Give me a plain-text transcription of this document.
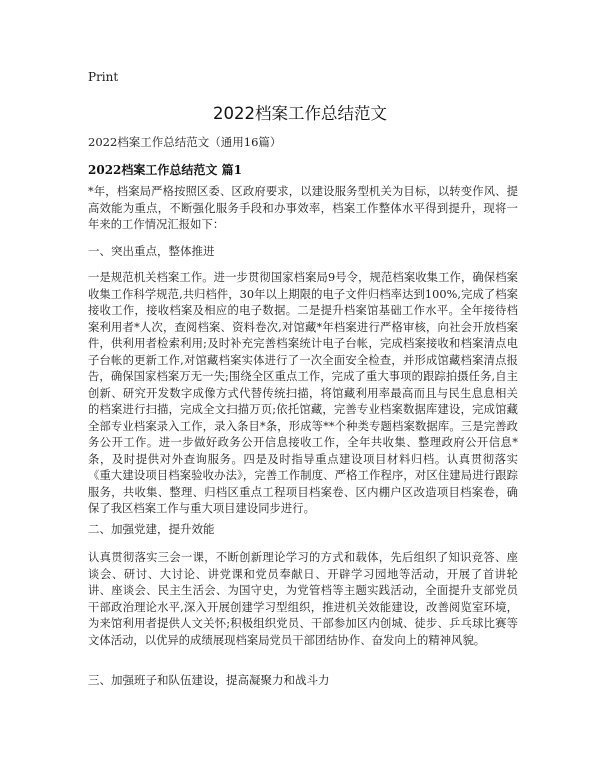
Print
2022档案工作总结范文
2022档案工作总结范文（通用16篇）
2022档案工作总结范文 篇1
*年，档案局严格按照区委、区政府要求，以建设服务型机关为目标，以转变作风、提高效能为重点，不断强化服务手段和办事效率，档案工作整体水平得到提升，现将一年来的工作情况汇报如下：
一、突出重点，整体推进
一是规范机关档案工作。进一步贯彻国家档案局9号令，规范档案收集工作，确保档案收集工作科学规范,共归档件，30年以上期限的电子文件归档率达到100%,完成了档案接收工作，接收档案及相应的电子数据。二是提升档案馆基础工作水平。全年接待档案利用者*人次，查阅档案、资料卷次,对馆藏*年档案进行严格审核，向社会开放档案件，供利用者检索利用;及时补充完善档案统计电子台帐，完成档案接收和档案清点电子台帐的更新工作,对馆藏档案实体进行了一次全面安全检查，并形成馆藏档案清点报告，确保国家档案万无一失;围绕全区重点工作，完成了重大事项的跟踪拍摄任务,自主创新、研究开发数字成像方式代替传统扫描，将馆藏利用率最高而且与民生息息相关的档案进行扫描，完成全文扫描万页;依托馆藏，完善专业档案数据库建设，完成馆藏全部专业档案录入工作，录入条目*条，形成等**个种类专题档案数据库。三是完善政务公开工作。进一步做好政务公开信息接收工作，全年共收集、整理政府公开信息*条，及时提供对外查询服务。四是及时指导重点建设项目材料归档。认真贯彻落实《重大建设项目档案验收办法》，完善工作制度、严格工作程序，对区住建局进行跟踪服务，共收集、整理、归档区重点工程项目档案卷、区内棚户区改造项目档案卷，确保了我区档案工作与重大项目建设同步进行。
二、加强党建，提升效能
认真贯彻落实三会一课，不断创新理论学习的方式和载体，先后组织了知识竞答、座谈会、研讨、大讨论、讲党课和党员奉献日、开辟学习园地等活动，开展了首讲轮讲、座谈会、民主生活会、为国守史，为党管档等主题实践活动，全面提升支部党员干部政治理论水平,深入开展创建学习型组织，推进机关效能建设，改善阅览室环境，为来馆利用者提供人文关怀;积极组织党员、干部参加区内创城、徒步、乒乓球比赛等文体活动，以优异的成绩展现档案局党员干部团结协作、奋发向上的精神风貌。
三、加强班子和队伍建设，提高凝聚力和战斗力
